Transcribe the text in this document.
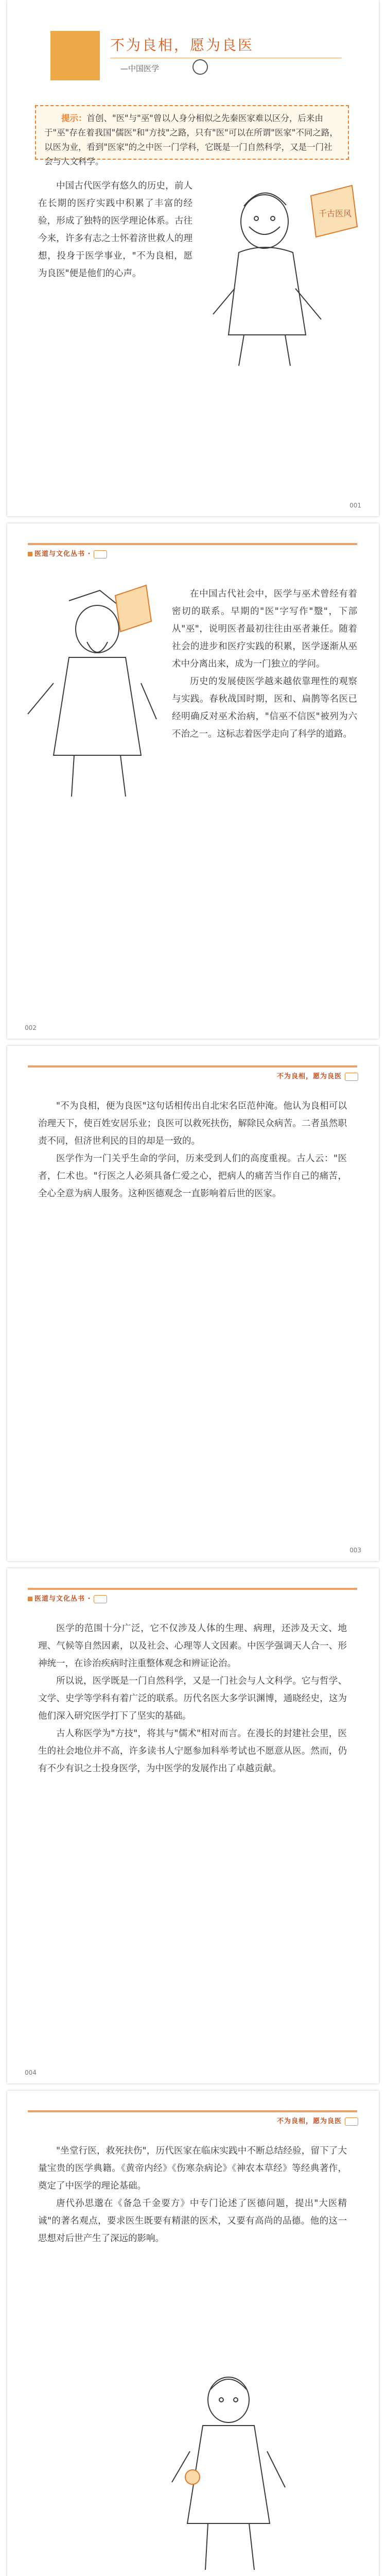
不为良相，愿为良医
—中国医学
提示：首创、"医"与"巫"曾以人身分相似之先秦医家难以区分，后来由于"巫"存在着我国"儒医"和"方技"之路，只有"医"可以在所谓"医家"不同之路，以医为业，看到"医家"的之中医一门学科，它既是一门自然科学，又是一门社会与人文科学。

中国古代医学有悠久的历史，前人在长期的医疗实践中积累了丰富的经验，形成了独特的医学理论体系。古往今来，许多有志之士怀着济世救人的理想，投身于医学事业，"不为良相，愿为良医"便是他们的心声。

千古医风
001
医道与文化丛书 ·

在中国古代社会中，医学与巫术曾经有着密切的联系。早期的"医"字写作"毉"，下部从"巫"，说明医者最初往往由巫者兼任。随着社会的进步和医疗实践的积累，医学逐渐从巫术中分离出来，成为一门独立的学问。

历史的发展使医学越来越依靠理性的观察与实践。春秋战国时期，医和、扁鹊等名医已经明确反对巫术治病，"信巫不信医"被列为六不治之一。这标志着医学走向了科学的道路。

002
不为良相，愿为良医

"不为良相，便为良医"这句话相传出自北宋名臣范仲淹。他认为良相可以治理天下，使百姓安居乐业；良医可以救死扶伤，解除民众病苦。二者虽然职责不同，但济世利民的目的却是一致的。

医学作为一门关乎生命的学问，历来受到人们的高度重视。古人云："医者，仁术也。"行医之人必须具备仁爱之心，把病人的痛苦当作自己的痛苦，全心全意为病人服务。这种医德观念一直影响着后世的医家。

003
医道与文化丛书 ·

医学的范围十分广泛，它不仅涉及人体的生理、病理，还涉及天文、地理、气候等自然因素，以及社会、心理等人文因素。中医学强调天人合一、形神统一，在诊治疾病时注重整体观念和辨证论治。

所以说，医学既是一门自然科学，又是一门社会与人文科学。它与哲学、文学、史学等学科有着广泛的联系。历代名医大多学识渊博，通晓经史，这为他们深入研究医学打下了坚实的基础。

古人称医学为"方技"，将其与"儒术"相对而言。在漫长的封建社会里，医生的社会地位并不高，许多读书人宁愿参加科举考试也不愿意从医。然而，仍有不少有识之士投身医学，为中医学的发展作出了卓越贡献。

004
不为良相，愿为良医

"坐堂行医，救死扶伤"，历代医家在临床实践中不断总结经验，留下了大量宝贵的医学典籍。《黄帝内经》《伤寒杂病论》《神农本草经》等经典著作，奠定了中医学的理论基础。

唐代孙思邈在《备急千金要方》中专门论述了医德问题，提出"大医精诚"的著名观点，要求医生既要有精湛的医术，又要有高尚的品德。他的这一思想对后世产生了深远的影响。
